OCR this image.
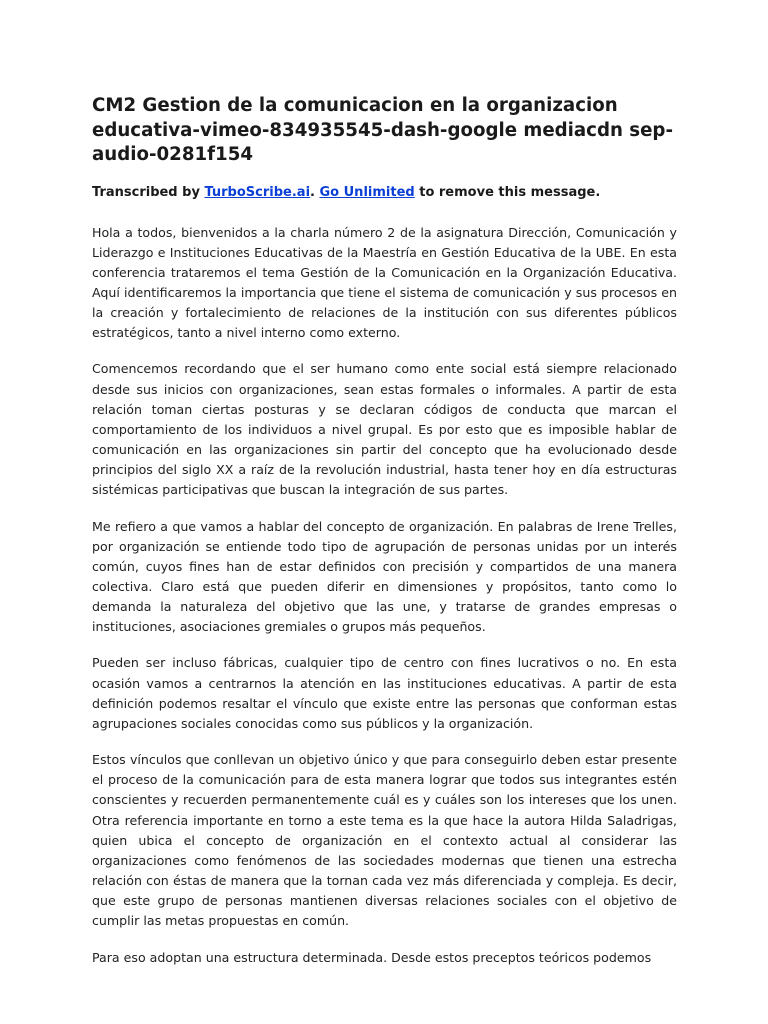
CM2 Gestion de la comunicacion en la organizacion educativa-vimeo-834935545-dash-google mediacdn sep-audio-0281f154
Transcribed by TurboScribe.ai. Go Unlimited to remove this message.

Hola a todos, bienvenidos a la charla número 2 de la asignatura Dirección, Comunicación y Liderazgo e Instituciones Educativas de la Maestría en Gestión Educativa de la UBE. En esta conferencia trataremos el tema Gestión de la Comunicación en la Organización Educativa. Aquí identificaremos la importancia que tiene el sistema de comunicación y sus procesos en la creación y fortalecimiento de relaciones de la institución con sus diferentes públicos estratégicos, tanto a nivel interno como externo.

Comencemos recordando que el ser humano como ente social está siempre relacionado desde sus inicios con organizaciones, sean estas formales o informales. A partir de esta relación toman ciertas posturas y se declaran códigos de conducta que marcan el comportamiento de los individuos a nivel grupal. Es por esto que es imposible hablar de comunicación en las organizaciones sin partir del concepto que ha evolucionado desde principios del siglo XX a raíz de la revolución industrial, hasta tener hoy en día estructuras sistémicas participativas que buscan la integración de sus partes.

Me refiero a que vamos a hablar del concepto de organización. En palabras de Irene Trelles, por organización se entiende todo tipo de agrupación de personas unidas por un interés común, cuyos fines han de estar definidos con precisión y compartidos de una manera colectiva. Claro está que pueden diferir en dimensiones y propósitos, tanto como lo demanda la naturaleza del objetivo que las une, y tratarse de grandes empresas o instituciones, asociaciones gremiales o grupos más pequeños.

Pueden ser incluso fábricas, cualquier tipo de centro con fines lucrativos o no. En esta ocasión vamos a centrarnos la atención en las instituciones educativas. A partir de esta definición podemos resaltar el vínculo que existe entre las personas que conforman estas agrupaciones sociales conocidas como sus públicos y la organización.

Estos vínculos que conllevan un objetivo único y que para conseguirlo deben estar presente el proceso de la comunicación para de esta manera lograr que todos sus integrantes estén conscientes y recuerden permanentemente cuál es y cuáles son los intereses que los unen. Otra referencia importante en torno a este tema es la que hace la autora Hilda Saladrigas, quien ubica el concepto de organización en el contexto actual al considerar las organizaciones como fenómenos de las sociedades modernas que tienen una estrecha relación con éstas de manera que la tornan cada vez más diferenciada y compleja. Es decir, que este grupo de personas mantienen diversas relaciones sociales con el objetivo de cumplir las metas propuestas en común.

Para eso adoptan una estructura determinada. Desde estos preceptos teóricos podemos
